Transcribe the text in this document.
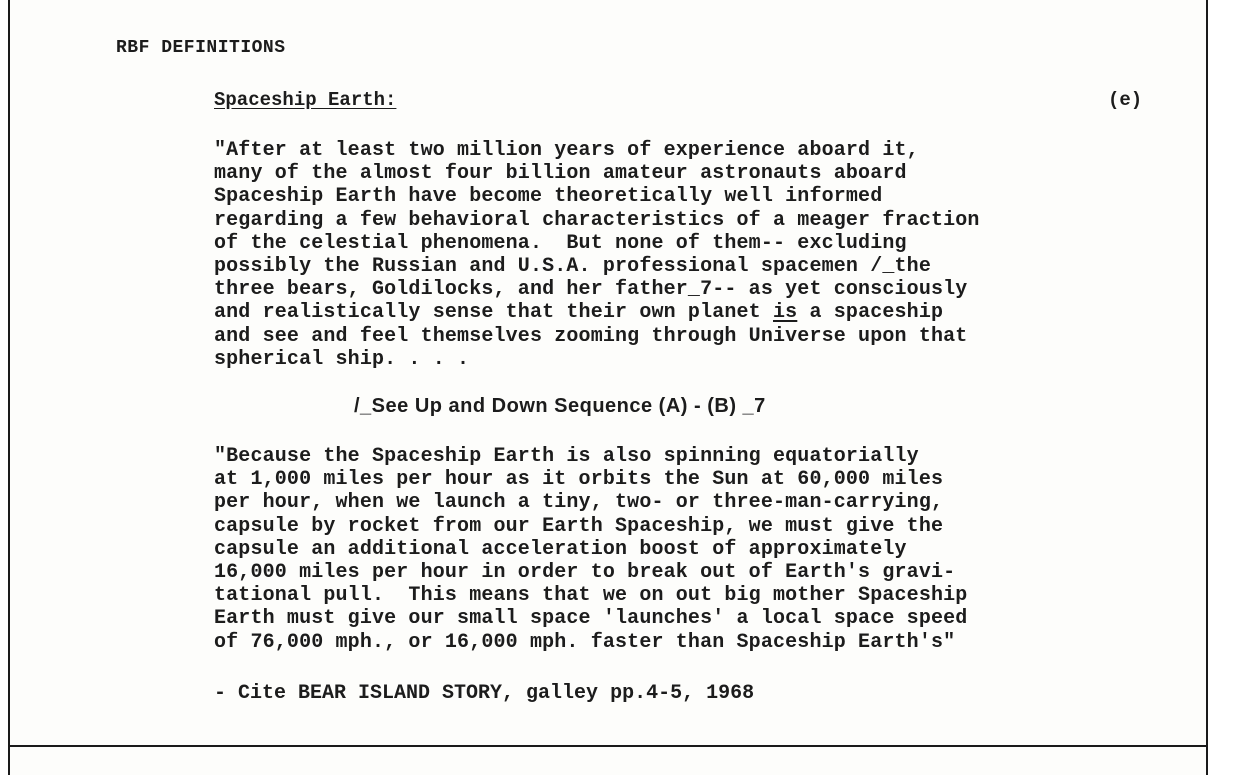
RBF DEFINITIONS
Spaceship Earth:	(e)
"After at least two million years of experience aboard it,
many of the almost four billion amateur astronauts aboard
Spaceship Earth have become theoretically well informed
regarding a few behavioral characteristics of a meager fraction
of the celestial phenomena.  But none of them-- excluding
possibly the Russian and U.S.A. professional spacemen /_the
three bears, Goldilocks, and her father_7-- as yet consciously
and realistically sense that their own planet is a spaceship
and see and feel themselves zooming through Universe upon that
spherical ship. . . .
/_See Up and Down Sequence (A) - (B) _7
"Because the Spaceship Earth is also spinning equatorially
at 1,000 miles per hour as it orbits the Sun at 60,000 miles
per hour, when we launch a tiny, two- or three-man-carrying,
capsule by rocket from our Earth Spaceship, we must give the
capsule an additional acceleration boost of approximately
16,000 miles per hour in order to break out of Earth's gravi-
tational pull.  This means that we on out big mother Spaceship
Earth must give our small space 'launches' a local space speed
of 76,000 mph., or 16,000 mph. faster than Spaceship Earth's"
- Cite BEAR ISLAND STORY, galley pp.4-5, 1968
